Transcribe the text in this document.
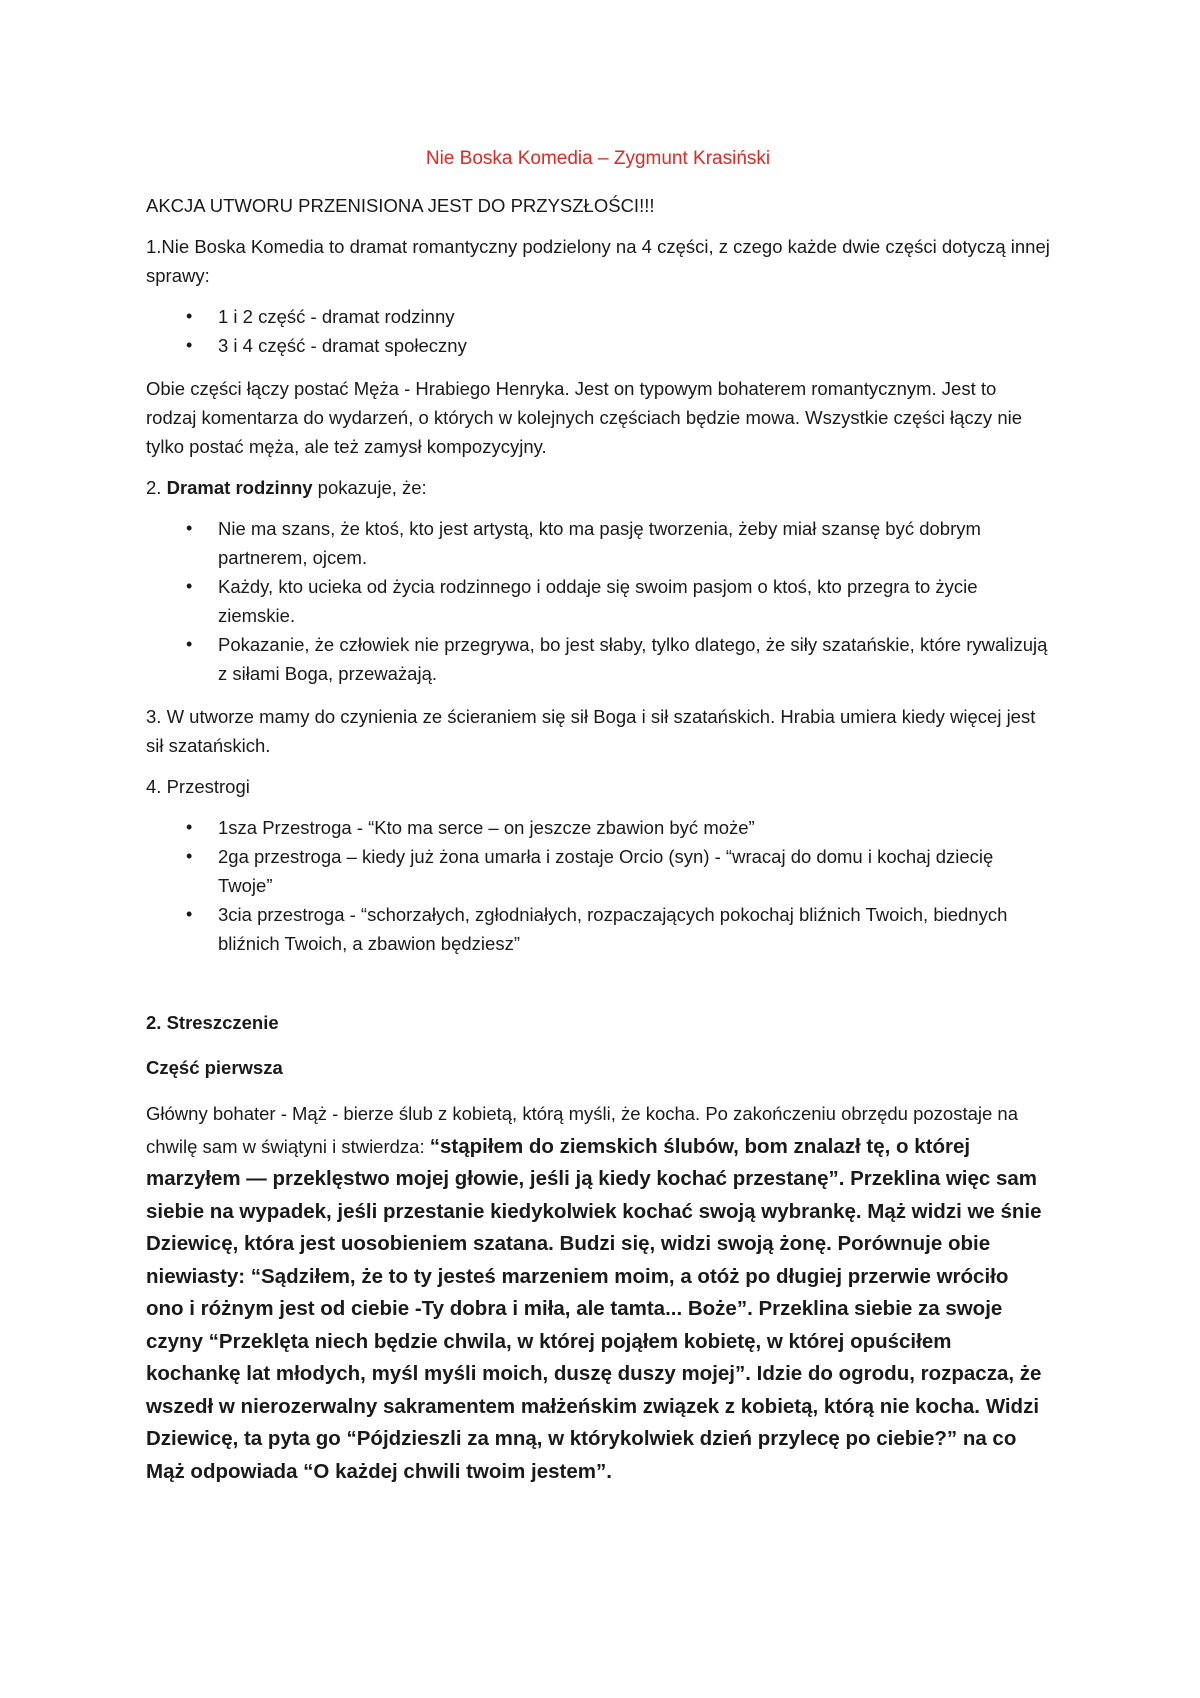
Nie Boska Komedia – Zygmunt Krasiński

AKCJA UTWORU PRZENISIONA JEST DO PRZYSZŁOŚCI!!!

1.Nie Boska Komedia to dramat romantyczny podzielony na 4 części, z czego każde dwie części dotyczą innej sprawy:

• 1 i 2 część - dramat rodzinny
• 3 i 4 część - dramat społeczny

Obie części łączy postać Męża - Hrabiego Henryka. Jest on typowym bohaterem romantycznym. Jest to rodzaj komentarza do wydarzeń, o których w kolejnych częściach będzie mowa. Wszystkie części łączy nie tylko postać męża, ale też zamysł kompozycyjny.

2. Dramat rodzinny pokazuje, że:

• Nie ma szans, że ktoś, kto jest artystą, kto ma pasję tworzenia, żeby miał szansę być dobrym partnerem, ojcem.
• Każdy, kto ucieka od życia rodzinnego i oddaje się swoim pasjom o ktoś, kto przegra to życie ziemskie.
• Pokazanie, że człowiek nie przegrywa, bo jest słaby, tylko dlatego, że siły szatańskie, które rywalizują z siłami Boga, przeważają.

3. W utworze mamy do czynienia ze ścieraniem się sił Boga i sił szatańskich. Hrabia umiera kiedy więcej jest sił szatańskich.

4. Przestrogi

• 1sza Przestroga - “Kto ma serce – on jeszcze zbawion być może”
• 2ga przestroga – kiedy już żona umarła i zostaje Orcio (syn) - “wracaj do domu i kochaj dziecię Twoje”
• 3cia przestroga - “schorzałych, zgłodniałych, rozpaczających pokochaj bliźnich Twoich, biednych bliźnich Twoich, a zbawion będziesz”

2. Streszczenie

Część pierwsza

Główny bohater - Mąż - bierze ślub z kobietą, którą myśli, że kocha. Po zakończeniu obrzędu pozostaje na chwilę sam w świątyni i stwierdza: “stąpiłem do ziemskich ślubów, bom znalazł tę, o której marzyłem — przeklęstwo mojej głowie, jeśli ją kiedy kochać przestanę”. Przeklina więc sam siebie na wypadek, jeśli przestanie kiedykolwiek kochać swoją wybrankę. Mąż widzi we śnie Dziewicę, która jest uosobieniem szatana. Budzi się, widzi swoją żonę. Porównuje obie niewiasty: “Sądziłem, że to ty jesteś marzeniem moim, a otóż po długiej przerwie wróciło ono i różnym jest od ciebie -Ty dobra i miła, ale tamta... Boże”. Przeklina siebie za swoje czyny “Przeklęta niech będzie chwila, w której pojąłem kobietę, w której opuściłem kochankę lat młodych, myśl myśli moich, duszę duszy mojej”. Idzie do ogrodu, rozpacza, że wszedł w nierozerwalny sakramentem małżeńskim związek z kobietą, którą nie kocha. Widzi Dziewicę, ta pyta go “Pójdzieszli za mną, w którykolwiek dzień przylecę po ciebie?” na co Mąż odpowiada “O każdej chwili twoim jestem”.
